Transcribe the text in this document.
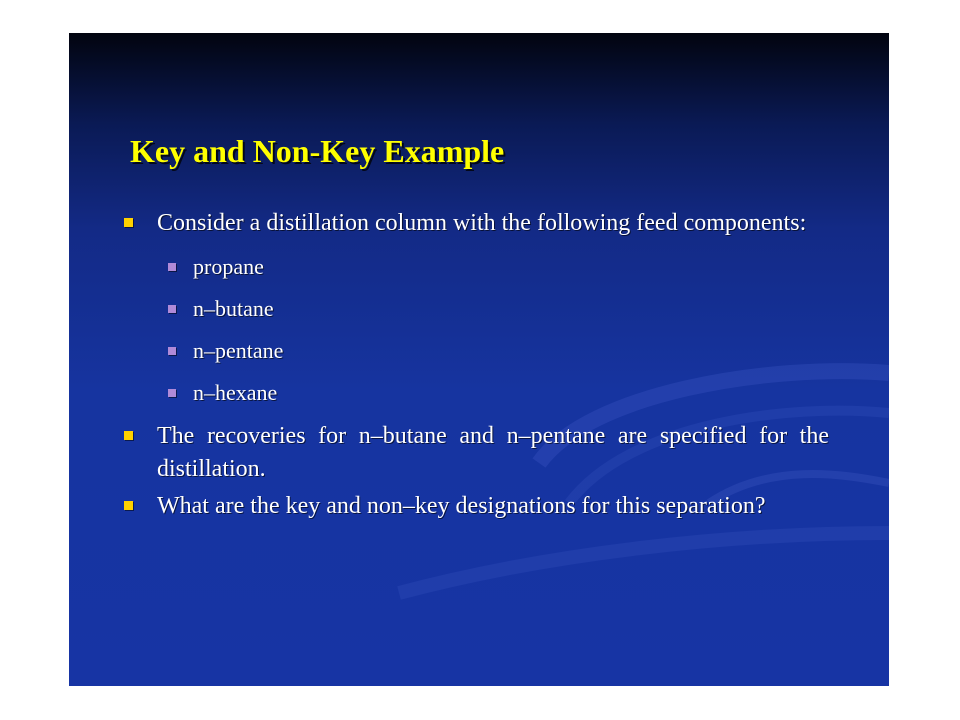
Key and Non-Key Example
Consider a distillation column with the following feed components:
propane
n–butane
n–pentane
n–hexane
The recoveries for n–butane and n–pentane are specified for the distillation.
What are the key and non–key designations for this separation?
